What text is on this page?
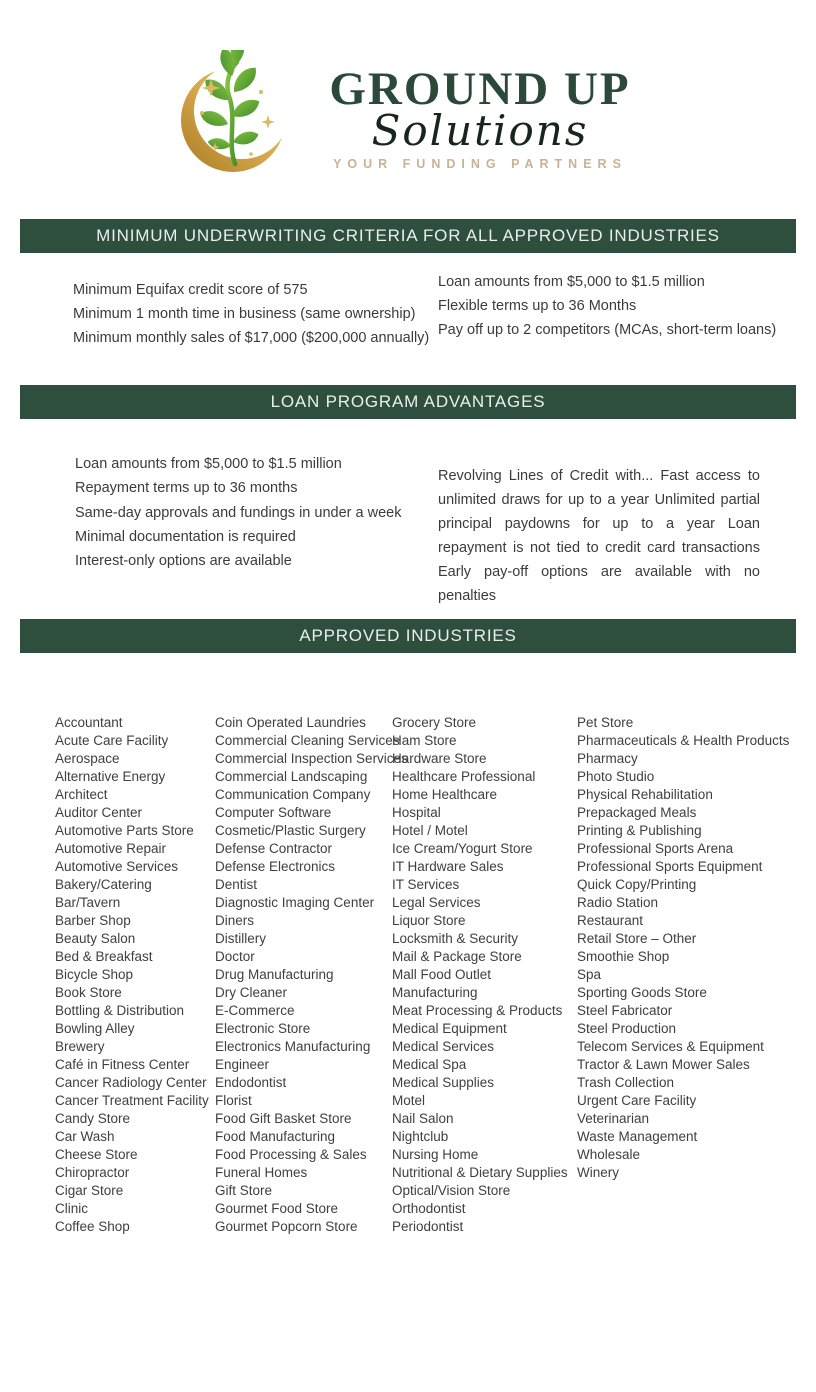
GROUND UP
Solutions
YOUR FUNDING PARTNERS
MINIMUM UNDERWRITING CRITERIA FOR ALL APPROVED INDUSTRIES
Minimum Equifax credit score of 575
Minimum 1 month time in business (same ownership)
Minimum monthly sales of $17,000 ($200,000 annually)
Loan amounts from $5,000 to $1.5 million
Flexible terms up to 36 Months
Pay off up to 2 competitors (MCAs, short-term loans)
LOAN PROGRAM ADVANTAGES
Loan amounts from $5,000 to $1.5 million
Repayment terms up to 36 months
Same-day approvals and fundings in under a week
Minimal documentation is required
Interest-only options are available

Revolving Lines of Credit with... Fast access to unlimited draws for up to a year Unlimited partial principal paydowns for up to a year Loan repayment is not tied to credit card transactions Early pay-off options are available with no penalties

APPROVED INDUSTRIES
Accountant
Acute Care Facility
Aerospace
Alternative Energy
Architect
Auditor Center
Automotive Parts Store
Automotive Repair
Automotive Services
Bakery/Catering
Bar/Tavern
Barber Shop
Beauty Salon
Bed & Breakfast
Bicycle Shop
Book Store
Bottling & Distribution
Bowling Alley
Brewery
Café in Fitness Center
Cancer Radiology Center
Cancer Treatment Facility
Candy Store
Car Wash
Cheese Store
Chiropractor
Cigar Store
Clinic
Coffee Shop
Coin Operated Laundries
Commercial Cleaning Services
Commercial Inspection Services
Commercial Landscaping
Communication Company
Computer Software
Cosmetic/Plastic Surgery
Defense Contractor
Defense Electronics
Dentist
Diagnostic Imaging Center
Diners
Distillery
Doctor
Drug Manufacturing
Dry Cleaner
E-Commerce
Electronic Store
Electronics Manufacturing
Engineer
Endodontist
Florist
Food Gift Basket Store
Food Manufacturing
Food Processing & Sales
Funeral Homes
Gift Store
Gourmet Food Store
Gourmet Popcorn Store
Grocery Store
Ham Store
Hardware Store
Healthcare Professional
Home Healthcare
Hospital
Hotel / Motel
Ice Cream/Yogurt Store
IT Hardware Sales
IT Services
Legal Services
Liquor Store
Locksmith & Security
Mail & Package Store
Mall Food Outlet
Manufacturing
Meat Processing & Products
Medical Equipment
Medical Services
Medical Spa
Medical Supplies
Motel
Nail Salon
Nightclub
Nursing Home
Nutritional & Dietary Supplies
Optical/Vision Store
Orthodontist
Periodontist
Pet Store
Pharmaceuticals & Health Products
Pharmacy
Photo Studio
Physical Rehabilitation
Prepackaged Meals
Printing & Publishing
Professional Sports Arena
Professional Sports Equipment
Quick Copy/Printing
Radio Station
Restaurant
Retail Store – Other
Smoothie Shop
Spa
Sporting Goods Store
Steel Fabricator
Steel Production
Telecom Services & Equipment
Tractor & Lawn Mower Sales
Trash Collection
Urgent Care Facility
Veterinarian
Waste Management
Wholesale
Winery
